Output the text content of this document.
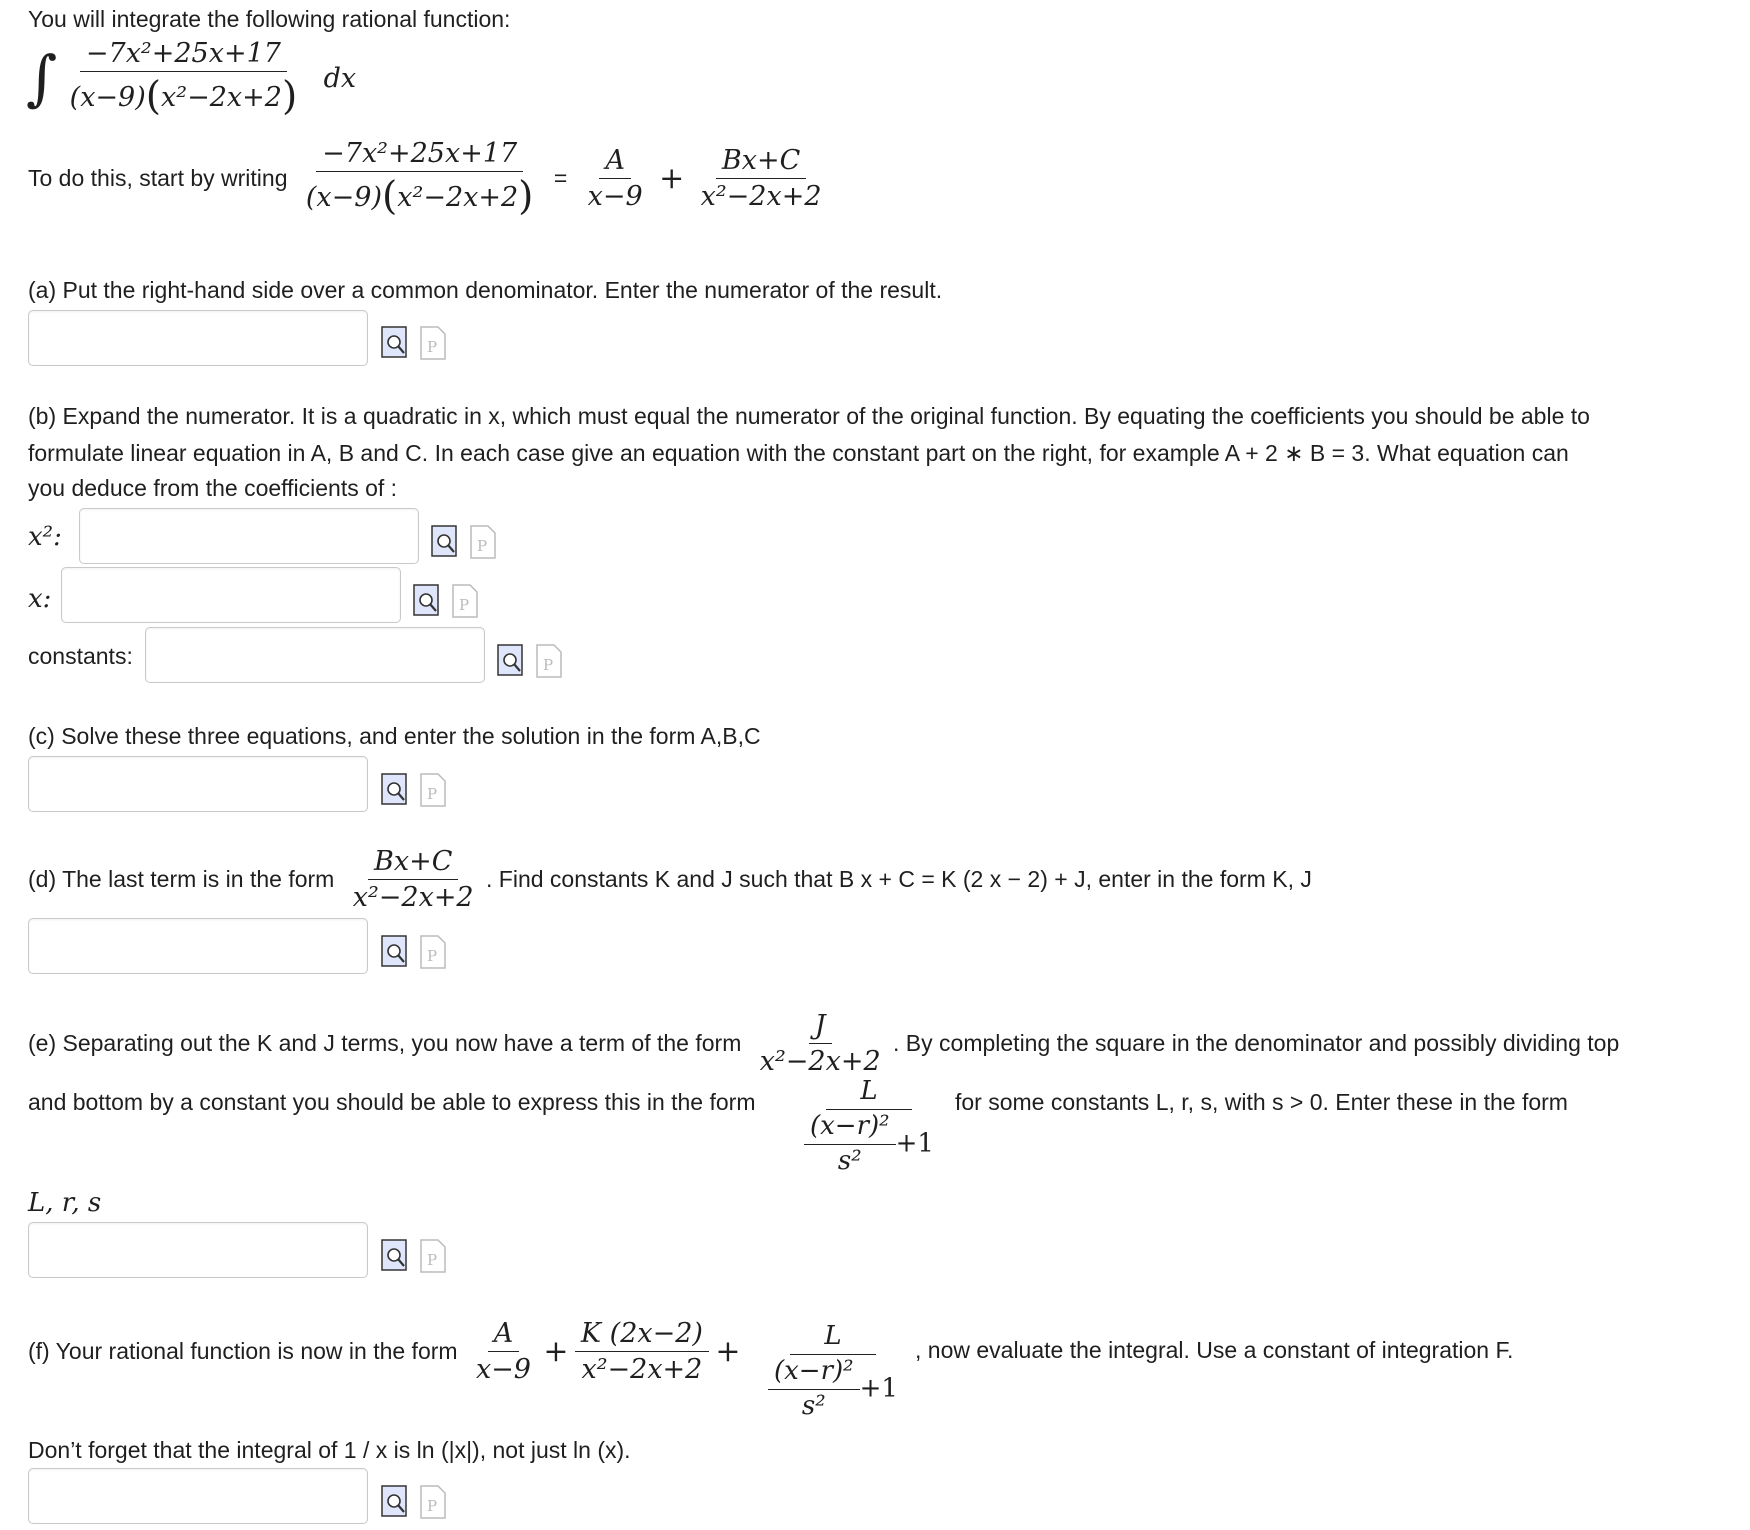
You will integrate the following rational function:
∫ $\frac{\text{−7x²+25x+17}}{\text{(x−9)(x²−2x+2)}}$ dx
To do this, start by writing $\frac{\text{−7x²+25x+17}}{\text{(x−9)(x²−2x+2)}} = \frac{A}{x-9} + \frac{Bx+C}{\text{x²−2x+2}}$
(a) Put the right-hand side over a common denominator. Enter the numerator of the result.
P
(b) Expand the numerator. It is a quadratic in x, which must equal the numerator of the original function. By equating the coefficients you should be able to
formulate linear equation in A, B and C. In each case give an equation with the constant part on the right, for example A + 2 ∗ B = 3. What equation can
you deduce from the coefficients of :
x²:	P
x:	P
constants:	P
(c) Solve these three equations, and enter the solution in the form A,B,C
P
(d) The last term is in the form $\frac{Bx+C}{\text{x²−2x+2}}$ . Find constants K and J such that B x + C = K (2 x − 2) + J, enter in the form K, J
P
(e) Separating out the K and J terms, you now have a term of the form $\frac{J}{\text{x²−2x+2}}$ . By completing the square in the denominator and possibly dividing top
and bottom by a constant you should be able to express this in the form $\frac{L}{\frac{\text{(x−r)²}}{\text{s²}} +1}$ for some constants L, r, s, with s > 0. Enter these in the form
L, r, s
P
(f) Your rational function is now in the form $\frac{A}{x-9} + \frac{K (2x-2)}{\text{x²−2x+2}} + \frac{L}{\frac{\text{(x−r)²}}{\text{s²}} +1}$ , now evaluate the integral. Use a constant of integration F.
Don’t forget that the integral of 1 / x is ln (|x|), not just ln (x).
P
